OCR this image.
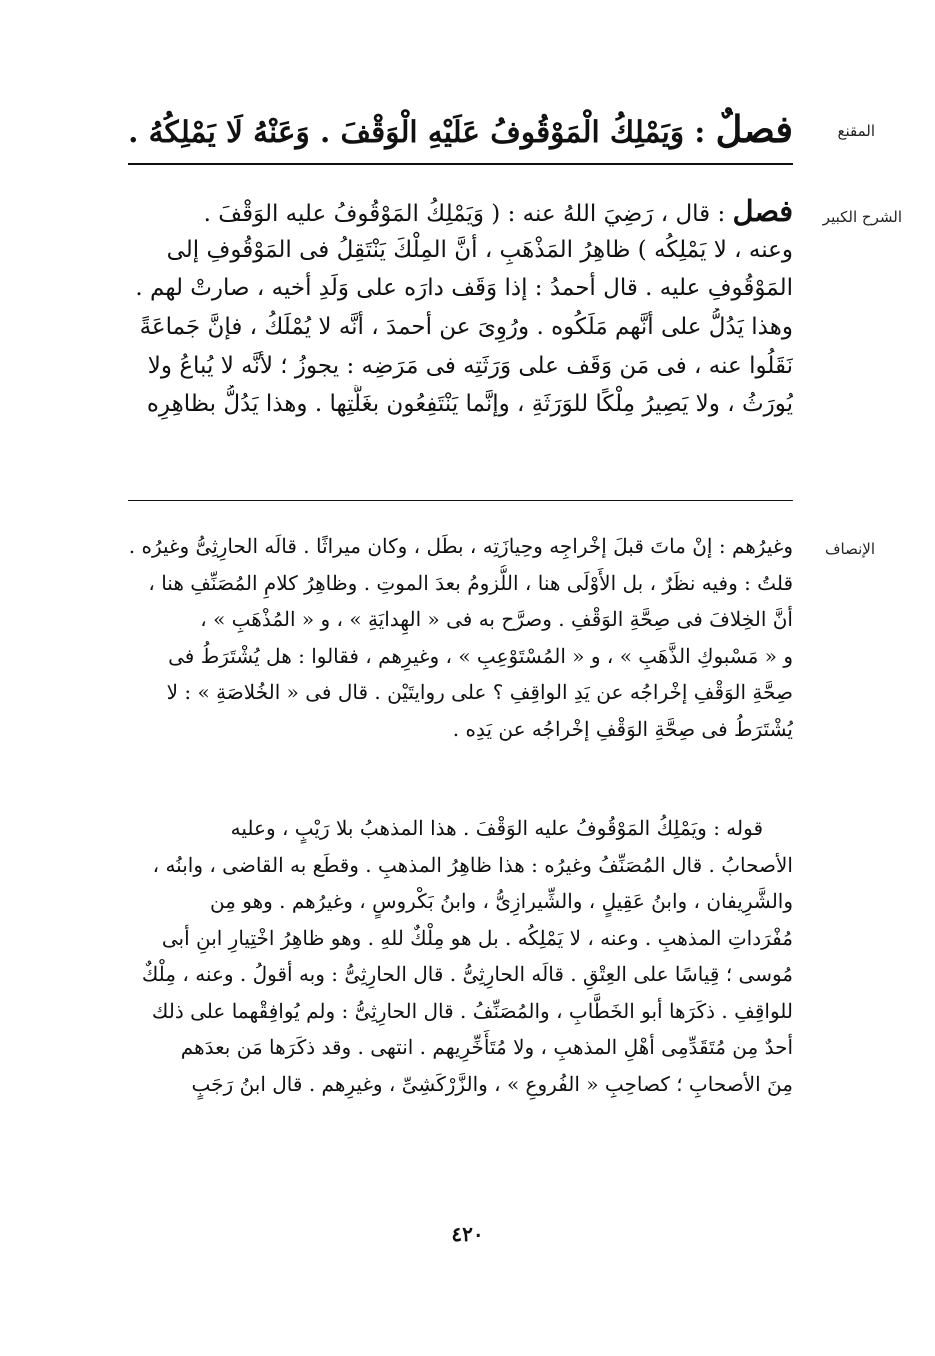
المقنع
فصلٌ : وَيَمْلِكُ الْمَوْقُوفُ عَلَيْهِ الْوَقْفَ . وَعَنْهُ لَا يَمْلِكُهُ .
الشرح الكبير
فصل : قال ، رَضِيَ اللهُ عنه : ( وَيَمْلِكُ المَوْقُوفُ عليه الوَقْفَ .
وعنه ، لا يَمْلِكُه ) ظاهِرُ المَذْهَبِ ، أنَّ المِلْكَ يَنْتَقِلُ فى المَوْقُوفِ إلى
المَوْقُوفِ عليه . قال أحمدُ : إذا وَقَف دارَه على وَلَدِ أخيه ، صارتْ لهم .
وهذا يَدُلُّ على أنَّهم مَلَكُوه . ورُوِىَ عن أحمدَ ، أنَّه لا يُمْلَكُ ، فإنَّ جَماعَةً
نَقَلُوا عنه ، فى مَن وَقَف على وَرَثَتِه فى مَرَضِه : يجوزُ ؛ لأنَّه لا يُباعُ ولا
يُورَثُ ، ولا يَصِيرُ مِلْكًا للوَرَثَةِ ، وإنَّما يَنْتَفِعُون بغَلَّتِها . وهذا يَدُلُّ بظاهِرِه
الإنصاف
وغيرُهم : إنْ ماتَ قبلَ إخْراجِه وحِيازَتِه ، بطَل ، وكان ميراثًا . قالَه الحارِثِىُّ وغيرُه .
قلتُ : وفيه نظَرٌ ، بل الأَوْلَى هنا ، اللُّزومُ بعدَ الموتِ . وظاهِرُ كلامِ المُصَنِّفِ هنا ،
أنَّ الخِلافَ فى صِحَّةِ الوَقْفِ . وصرَّح به فى « الهِدايَةِ » ، و « المُذْهَبِ » ،
و « مَسْبوكِ الذَّهَبِ » ، و « المُسْتَوْعِبِ » ، وغيرِهم ، فقالوا : هل يُشْتَرَطُ فى
صِحَّةِ الوَقْفِ إخْراجُه عن يَدِ الواقِفِ ؟ على روايتَيْن . قال فى « الخُلاصَةِ » : لا
يُشْتَرَطُ فى صِحَّةِ الوَقْفِ إخْراجُه عن يَدِه .
قوله : ويَمْلِكُ المَوْقُوفُ عليه الوَقْفَ . هذا المذهبُ بلا رَيْبٍ ، وعليه
الأصحابُ . قال المُصَنِّفُ وغيرُه : هذا ظاهِرُ المذهبِ . وقطَع به القاضى ، وابنُه ،
والشَّرِيفان ، وابنُ عَقِيلٍ ، والشِّيرازِىُّ ، وابنُ بَكْروسٍ ، وغيرُهم . وهو مِن
مُفْرَداتِ المذهبِ . وعنه ، لا يَمْلِكُه . بل هو مِلْكٌ للهِ . وهو ظاهِرُ اخْتِيارِ ابنِ أبى
مُوسى ؛ قِياسًا على العِتْقِ . قالَه الحارِثِىُّ . قال الحارِثِىُّ : وبه أقولُ . وعنه ، مِلْكٌ
للواقِفِ . ذكَرَها أبو الخَطَّابِ ، والمُصَنِّفُ . قال الحارِثِىُّ : ولم يُوافِقْهما على ذلك
أحدٌ مِن مُتَقَدِّمِى أهْلِ المذهبِ ، ولا مُتَأَخِّرِيهم . انتهى . وقد ذكَرَها مَن بعدَهم
مِنَ الأصحابِ ؛ كصاحِبِ « الفُروعِ » ، والزَّرْكَشِىِّ ، وغيرِهم . قال ابنُ رَجَبٍ
٤٢٠
